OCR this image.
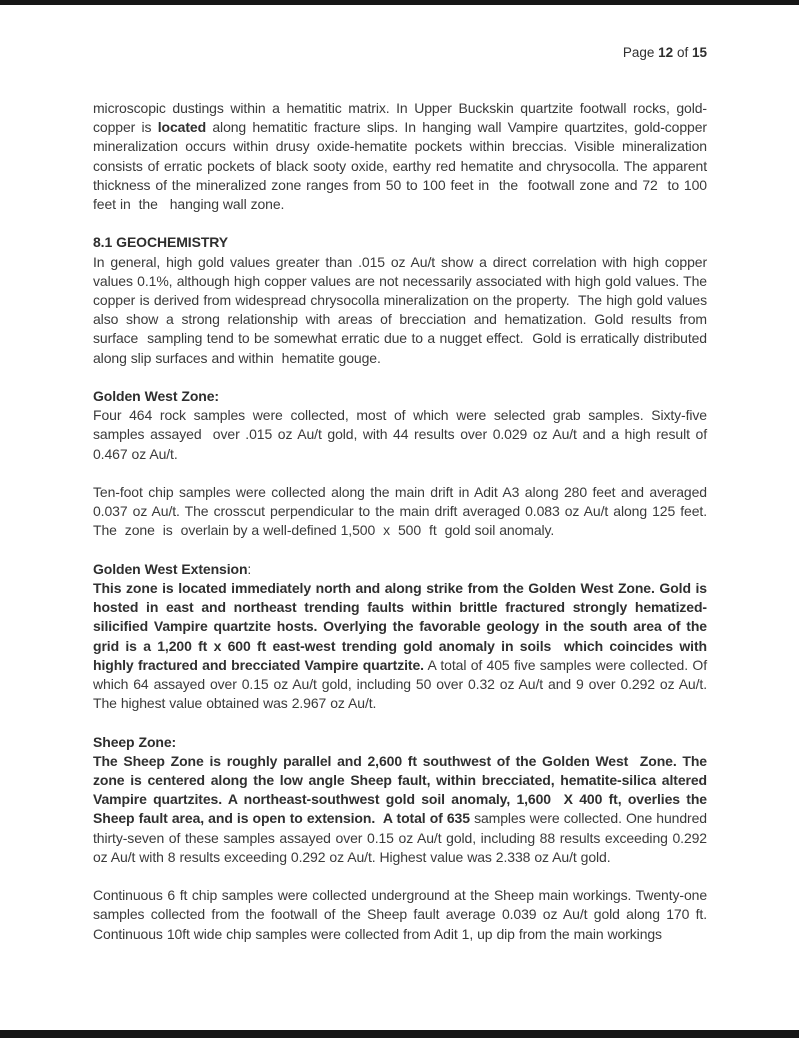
Page 12 of 15
microscopic dustings within a hematitic matrix. In Upper Buckskin quartzite footwall rocks, gold-copper is located along hematitic fracture slips. In hanging wall Vampire quartzites, gold-copper mineralization occurs within drusy oxide-hematite pockets within breccias. Visible mineralization consists of erratic pockets of black sooty oxide, earthy red hematite and chrysocolla. The apparent thickness of the mineralized zone ranges from 50 to 100 feet in  the  footwall zone and 72  to 100  feet in  the   hanging wall zone.
8.1 GEOCHEMISTRY
In general, high gold values greater than .015 oz Au/t show a direct correlation with high copper values 0.1%, although high copper values are not necessarily associated with high gold values. The copper is derived from widespread chrysocolla mineralization on the property.  The high gold values also show a strong relationship with areas of brecciation and hematization. Gold results from surface  sampling tend to be somewhat erratic due to a nugget effect.  Gold is erratically distributed along slip surfaces and within  hematite gouge.
Golden West Zone:
Four 464 rock samples were collected, most of which were selected grab samples. Sixty-five samples assayed  over .015 oz Au/t gold, with 44 results over 0.029 oz Au/t and a high result of 0.467 oz Au/t.
Ten-foot chip samples were collected along the main drift in Adit A3 along 280 feet and averaged 0.037 oz Au/t. The crosscut perpendicular to the main drift averaged 0.083 oz Au/t along 125 feet. The  zone  is  overlain by a well-defined 1,500  x  500  ft  gold soil anomaly.
Golden West Extension:
This zone is located immediately north and along strike from the Golden West Zone. Gold is hosted in east and northeast trending faults within brittle fractured strongly hematized-silicified Vampire quartzite hosts. Overlying the favorable geology in the south area of the grid is a 1,200 ft x 600 ft east-west trending gold anomaly in soils  which coincides with highly fractured and brecciated Vampire quartzite. A total of 405 five samples were collected. Of which 64 assayed over 0.15 oz Au/t gold, including 50 over 0.32 oz Au/t and 9 over 0.292 oz Au/t. The highest value obtained was 2.967 oz Au/t.
Sheep Zone:
The Sheep Zone is roughly parallel and 2,600 ft southwest of the Golden West  Zone. The  zone is centered along the low angle Sheep fault, within brecciated, hematite-silica altered Vampire quartzites. A northeast-southwest gold soil anomaly, 1,600  X 400 ft, overlies the Sheep fault area, and is open to extension.  A total of 635 samples were collected. One hundred thirty-seven of these samples assayed over 0.15 oz Au/t gold, including 88 results exceeding 0.292 oz Au/t with 8 results exceeding 0.292 oz Au/t. Highest value was 2.338 oz Au/t gold.
Continuous 6 ft chip samples were collected underground at the Sheep main workings. Twenty-one samples collected from the footwall of the Sheep fault average 0.039 oz Au/t gold along 170 ft. Continuous 10ft wide chip samples were collected from Adit 1, up dip from the main workings
